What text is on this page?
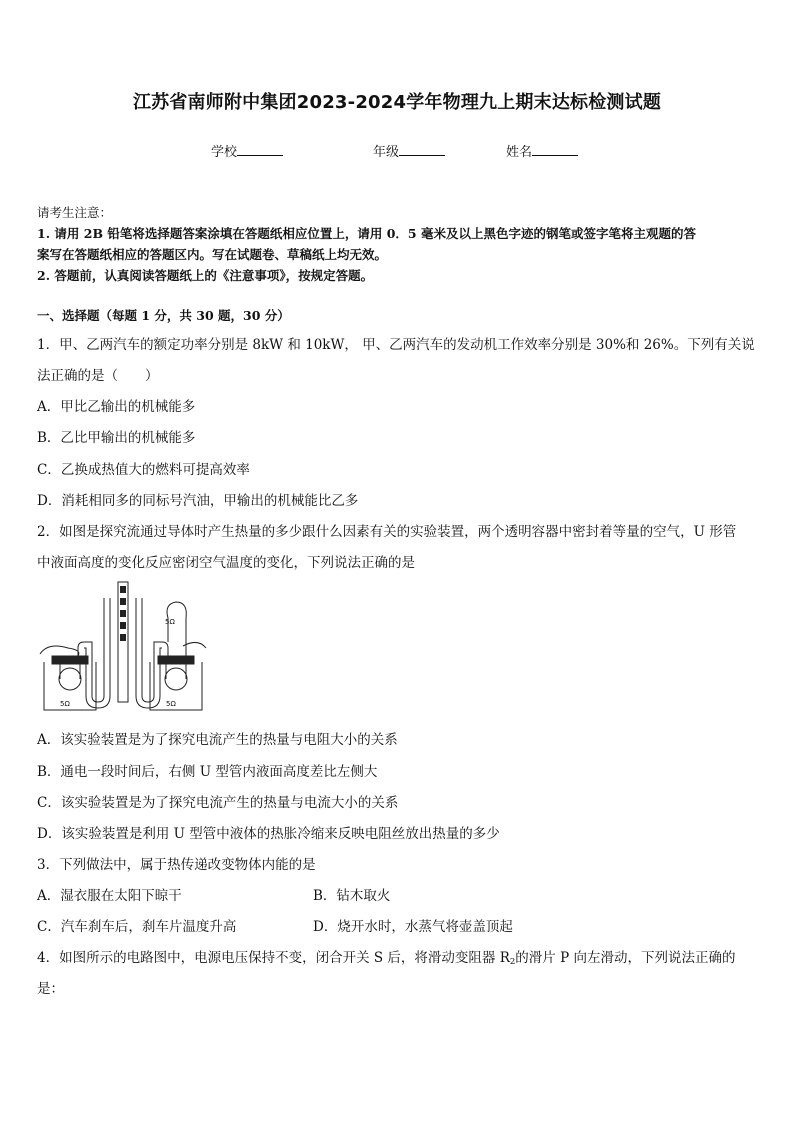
江苏省南师附中集团2023-2024学年物理九上期末达标检测试题
学校	年级	姓名
请考生注意：
1. 请用 2B 铅笔将选择题答案涂填在答题纸相应位置上，请用 0．5 毫米及以上黑色字迹的钢笔或签字笔将主观题的答
案写在答题纸相应的答题区内。写在试题卷、草稿纸上均无效。
2. 答题前，认真阅读答题纸上的《注意事项》，按规定答题。
一、选择题（每题 1 分，共 30 题，30 分）
1．甲、乙两汽车的额定功率分别是 8kW 和 10kW， 甲、乙两汽车的发动机工作效率分别是 30%和 26%。下列有关说
法正确的是（　　）
A．甲比乙输出的机械能多
B．乙比甲输出的机械能多
C．乙换成热值大的燃料可提高效率
D．消耗相同多的同标号汽油，甲输出的机械能比乙多
2．如图是探究流通过导体时产生热量的多少跟什么因素有关的实验装置，两个透明容器中密封着等量的空气，U 形管
中液面高度的变化反应密闭空气温度的变化，下列说法正确的是
5Ω
5Ω	5Ω
A．该实验装置是为了探究电流产生的热量与电阻大小的关系
B．通电一段时间后，右侧 U 型管内液面高度差比左侧大
C．该实验装置是为了探究电流产生的热量与电流大小的关系
D．该实验装置是利用 U 型管中液体的热胀冷缩来反映电阻丝放出热量的多少
3．下列做法中，属于热传递改变物体内能的是
A．湿衣服在太阳下晾干	B．钻木取火
C．汽车刹车后，刹车片温度升高	D．烧开水时，水蒸气将壶盖顶起
4．如图所示的电路图中，电源电压保持不变，闭合开关 S 后，将滑动变阻器 $R_2$的滑片 P 向左滑动，下列说法正确的
是：
